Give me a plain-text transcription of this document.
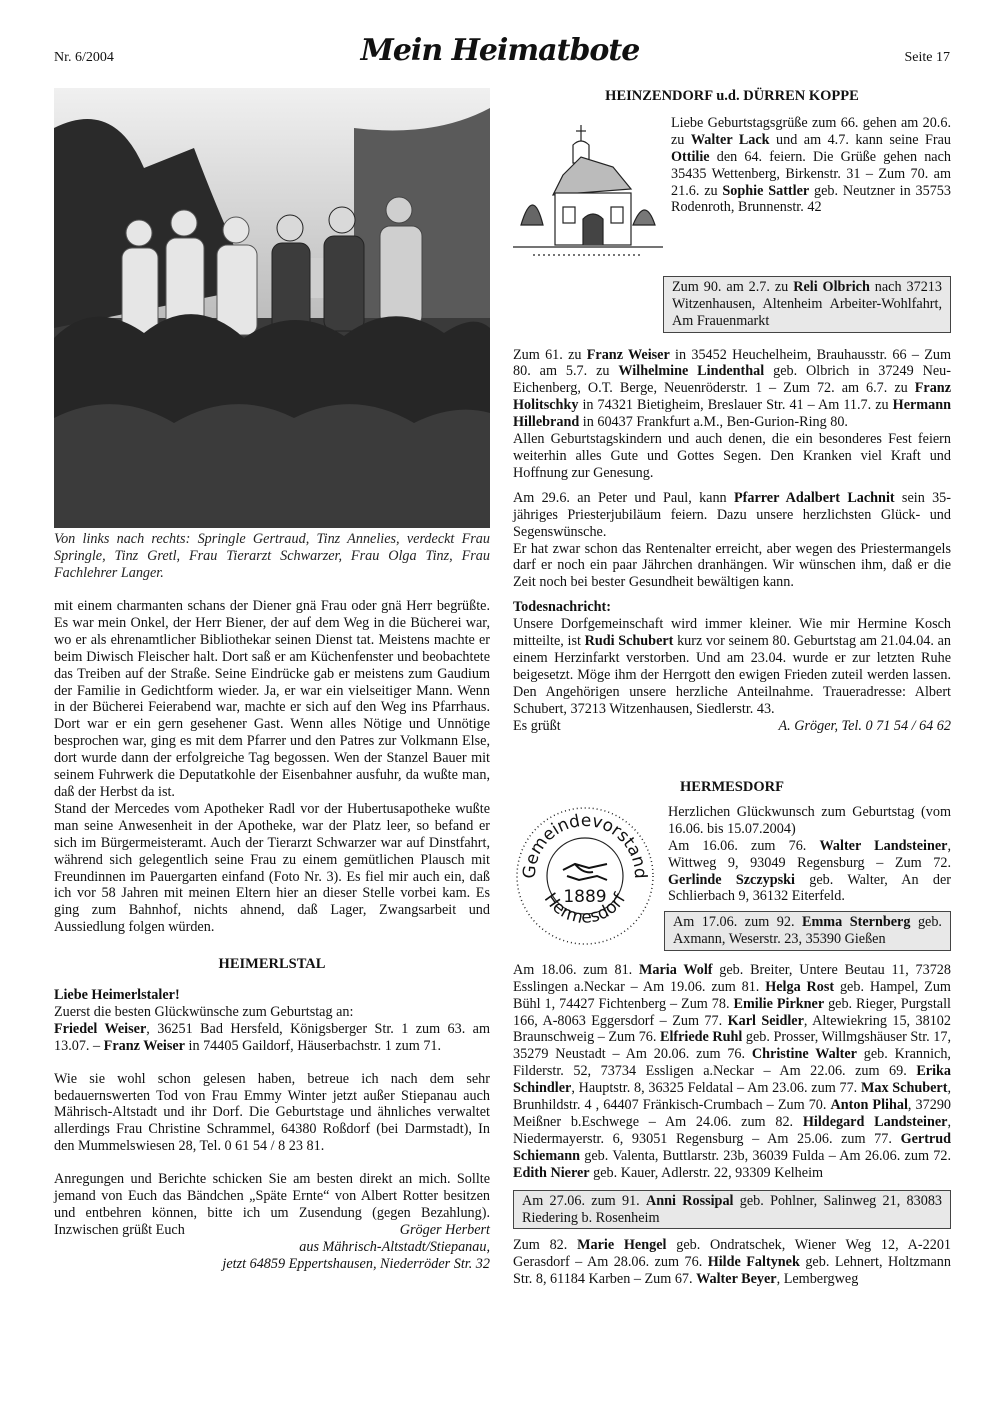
Nr. 6/2004	Mein Heimatbote	Seite 17
Von links nach rechts: Springle Gertraud, Tinz Annelies, verdeckt Frau Springle, Tinz Gretl, Frau Tierarzt Schwarzer, Frau Olga Tinz, Frau Fachlehrer Langer.

mit einem charmanten schans der Diener gnä Frau oder gnä Herr begrüßte. Es war mein Onkel, der Herr Biener, der auf dem Weg in die Bücherei war, wo er als ehrenamtlicher Bibliothekar seinen Dienst tat. Meistens machte er beim Diwisch Fleischer halt. Dort saß er am Küchenfenster und beobachtete das Treiben auf der Straße. Seine Eindrücke gab er meistens zum Gaudium der Familie in Gedichtform wieder. Ja, er war ein vielseitiger Mann. Wenn in der Bücherei Feierabend war, machte er sich auf den Weg ins Pfarrhaus. Dort war er ein gern gesehener Gast. Wenn alles Nötige und Unnötige besprochen war, ging es mit dem Pfarrer und den Patres zur Volkmann Else, dort wurde dann der erfolgreiche Tag begossen. Wen der Stanzel Bauer mit seinem Fuhrwerk die Deputatkohle der Eisenbahner ausfuhr, da wußte man, daß der Herbst da ist.

Stand der Mercedes vom Apotheker Radl vor der Hubertusapotheke wußte man seine Anwesenheit in der Apotheke, war der Platz leer, so befand er sich im Bürgermeisteramt. Auch der Tierarzt Schwarzer war auf Dinstfahrt, während sich gelegentlich seine Frau zu einem gemütlichen Plausch mit Freundinnen im Pauergarten einfand (Foto Nr. 3). Es fiel mir auch ein, daß ich vor 58 Jahren mit meinen Eltern hier an dieser Stelle vorbei kam. Es ging zum Bahnhof, nichts ahnend, daß Lager, Zwangsarbeit und Aussiedlung folgen würden.

HEIMERLSTAL

Liebe Heimerlstaler!

Zuerst die besten Glückwünsche zum Geburtstag an:

Friedel Weiser, 36251 Bad Hersfeld, Königsberger Str. 1 zum 63. am 13.07. – Franz Weiser in 74405 Gaildorf, Häuserbachstr. 1 zum 71.

Wie sie wohl schon gelesen haben, betreue ich nach dem sehr bedauernswerten Tod von Frau Emmy Winter jetzt außer Stiepanau auch Mährisch-Altstadt und ihr Dorf. Die Geburtstage und ähnliches verwaltet allerdings Frau Christine Schrammel, 64380 Roßdorf (bei Darmstadt), In den Mummelswiesen 28, Tel. 0 61 54 / 8 23 81.

Anregungen und Berichte schicken Sie am besten direkt an mich. Sollte jemand von Euch das Bändchen „Späte Ernte“ von Albert Rotter besitzen und entbehren können, bitte ich um Zusendung (gegen Bezahlung). Inzwischen grüßt Euch	Gröger Herbert

aus Mährisch-Altstadt/Stiepanau,

jetzt 64859 Eppertshausen, Niederröder Str. 32

HEINZENDORF u.d. DÜRREN KOPPE

Liebe Geburtstagsgrüße zum 66. gehen am 20.6. zu Walter Lack und am 4.7. kann seine Frau Ottilie den 64. feiern. Die Grüße gehen nach 35435 Wettenberg, Birkenstr. 31 – Zum 70. am 21.6. zu Sophie Sattler geb. Neutzner in 35753 Rodenroth, Brunnenstr. 42

Zum 90. am 2.7. zu Reli Olbrich nach 37213 Witzenhausen, Altenheim Arbeiter-Wohlfahrt, Am Frauenmarkt

Zum 61. zu Franz Weiser in 35452 Heuchelheim, Brauhausstr. 66 – Zum 80. am 5.7. zu Wilhelmine Lindenthal geb. Olbrich in 37249 Neu-Eichenberg, O.T. Berge, Neuenröderstr. 1 – Zum 72. am 6.7. zu Franz Holitschky in 74321 Bietigheim, Breslauer Str. 41 – Am 11.7. zu Hermann Hillebrand in 60437 Frankfurt a.M., Ben-Gurion-Ring 80.

Allen Geburtstagskindern und auch denen, die ein besonderes Fest feiern weiterhin alles Gute und Gottes Segen. Den Kranken viel Kraft und Hoffnung zur Genesung.

Am 29.6. an Peter und Paul, kann Pfarrer Adalbert Lachnit sein 35-jähriges Priesterjubiläum feiern. Dazu unsere herzlichsten Glück- und Segenswünsche.

Er hat zwar schon das Rentenalter erreicht, aber wegen des Priestermangels darf er noch ein paar Jährchen dranhängen. Wir wünschen ihm, daß er die Zeit noch bei bester Gesundheit bewältigen kann.

Todesnachricht:

Unsere Dorfgemeinschaft wird immer kleiner. Wie mir Hermine Kosch mitteilte, ist Rudi Schubert kurz vor seinem 80. Geburtstag am 21.04.04. an einem Herzinfarkt verstorben. Und am 23.04. wurde er zur letzten Ruhe beigesetzt. Möge ihm der Herrgott den ewigen Frieden zuteil werden lassen. Den Angehörigen unsere herzliche Anteilnahme. Traueradresse: Albert Schubert, 37213 Witzenhausen, Siedlerstr. 43.

Es grüßt	A. Gröger, Tel. 0 71 54 / 64 62

HERMESDORF

Gemeindevorstand
Hermesdorf
1889

Herzlichen Glückwunsch zum Geburtstag (vom 16.06. bis 15.07.2004)

Am 16.06. zum 76. Walter Landsteiner, Wittweg 9, 93049 Regensburg – Zum 72. Gerlinde Szczypski geb. Walter, An der Schlierbach 9, 36132 Eiterfeld.

Am 17.06. zum 92. Emma Sternberg geb. Axmann, Weserstr. 23, 35390 Gießen

Am 18.06. zum 81. Maria Wolf geb. Breiter, Untere Beutau 11, 73728 Esslingen a.Neckar – Am 19.06. zum 81. Helga Rost geb. Hampel, Zum Bühl 1, 74427 Fichtenberg – Zum 78. Emilie Pirkner geb. Rieger, Purgstall 166, A-8063 Eggersdorf – Zum 77. Karl Seidler, Altewiekring 15, 38102 Braunschweig – Zum 76. Elfriede Ruhl geb. Prosser, Willmgshäuser Str. 17, 35279 Neustadt – Am 20.06. zum 76. Christine Walter geb. Krannich, Filderstr. 52, 73734 Essligen a.Neckar – Am 22.06. zum 69. Erika Schindler, Hauptstr. 8, 36325 Feldatal – Am 23.06. zum 77. Max Schubert, Brunhildstr. 4 , 64407 Fränkisch-Crumbach – Zum 70. Anton Plihal, 37290 Meißner b.Eschwege – Am 24.06. zum 82. Hildegard Landsteiner, Niedermayerstr. 6, 93051 Regensburg – Am 25.06. zum 77. Gertrud Schiemann geb. Valenta, Buttlarstr. 23b, 36039 Fulda – Am 26.06. zum 72. Edith Nierer geb. Kauer, Adlerstr. 22, 93309 Kelheim

Am 27.06. zum 91. Anni Rossipal geb. Pohlner, Salinweg 21, 83083 Riedering b. Rosenheim

Zum 82. Marie Hengel geb. Ondratschek, Wiener Weg 12, A-2201 Gerasdorf – Am 28.06. zum 76. Hilde Faltynek geb. Lehnert, Holtzmann Str. 8, 61184 Karben – Zum 67. Walter Beyer, Lembergweg
